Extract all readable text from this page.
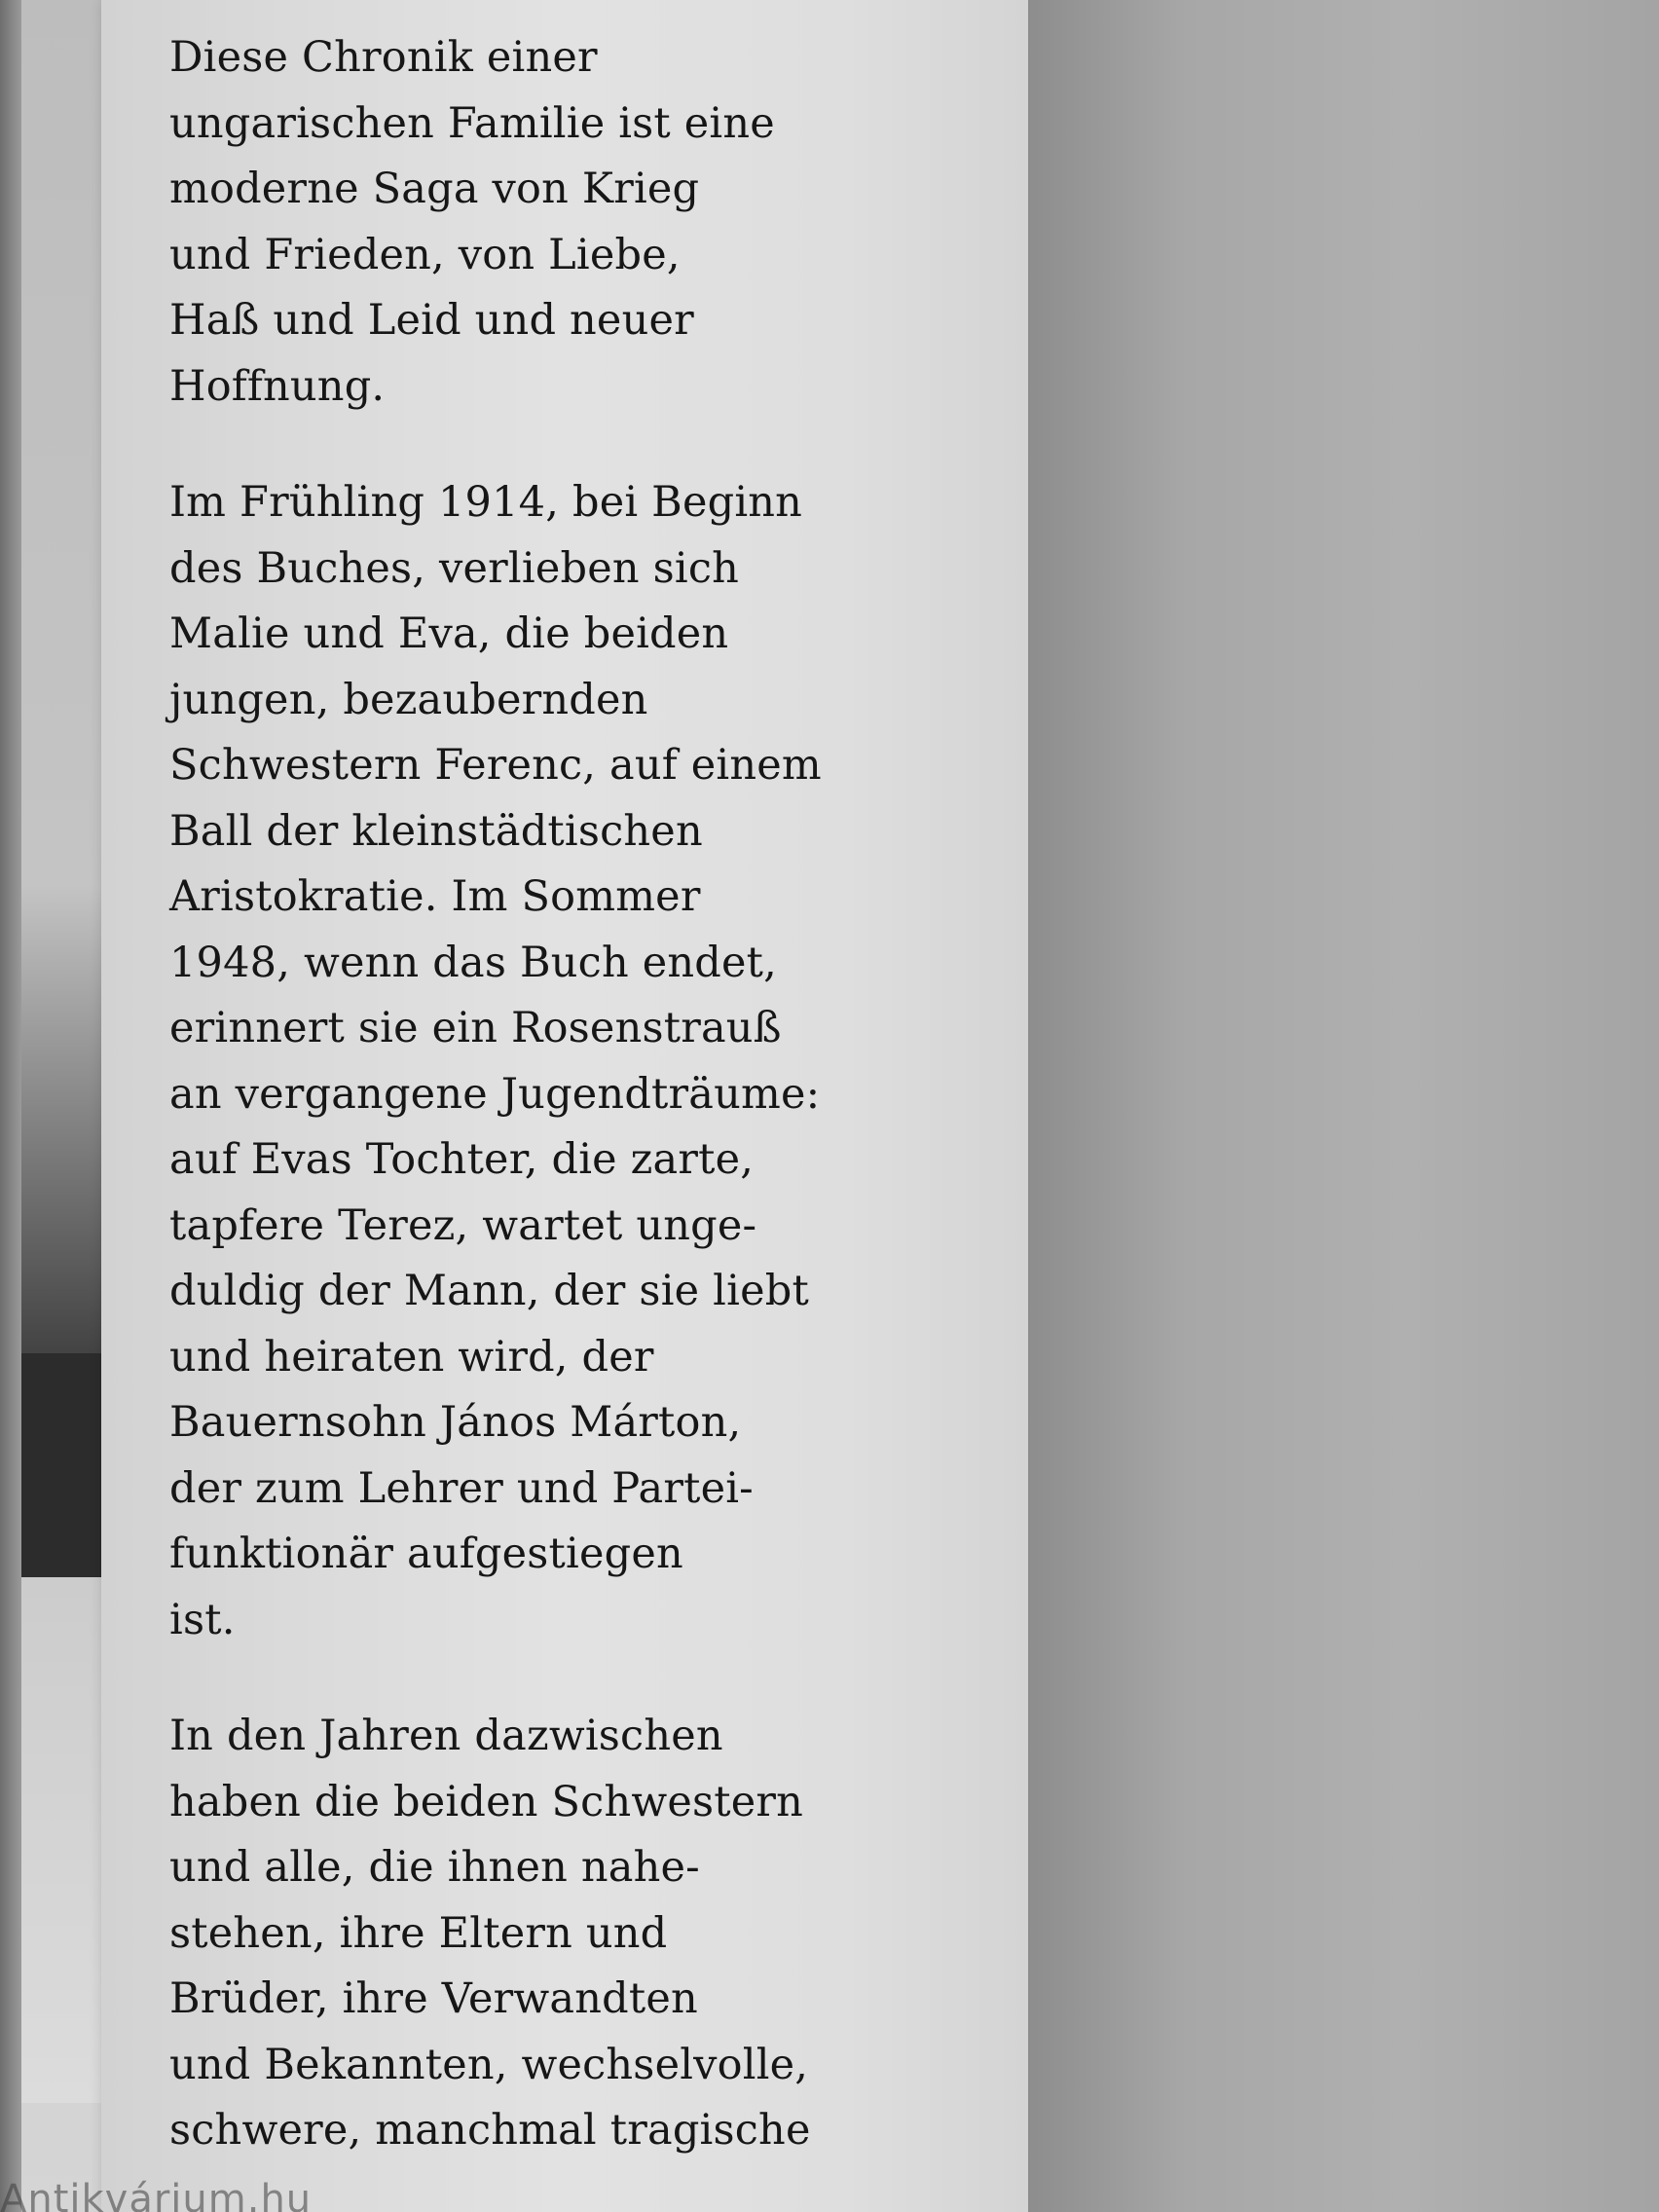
Diese Chronik einer
ungarischen Familie ist eine
moderne Saga von Krieg
und Frieden, von Liebe,
Haß und Leid und neuer
Hoffnung.
Im Frühling 1914, bei Beginn
des Buches, verlieben sich
Malie und Eva, die beiden
jungen, bezaubernden
Schwestern Ferenc, auf einem
Ball der kleinstädtischen
Aristokratie. Im Sommer
1948, wenn das Buch endet,
erinnert sie ein Rosenstrauß
an vergangene Jugendträume:
auf Evas Tochter, die zarte,
tapfere Terez, wartet unge-
duldig der Mann, der sie liebt
und heiraten wird, der
Bauernsohn János Márton,
der zum Lehrer und Partei-
funktionär aufgestiegen
ist.
In den Jahren dazwischen
haben die beiden Schwestern
und alle, die ihnen nahe-
stehen, ihre Eltern und
Brüder, ihre Verwandten
und Bekannten, wechselvolle,
schwere, manchmal tragische
Antikvárium.hu
